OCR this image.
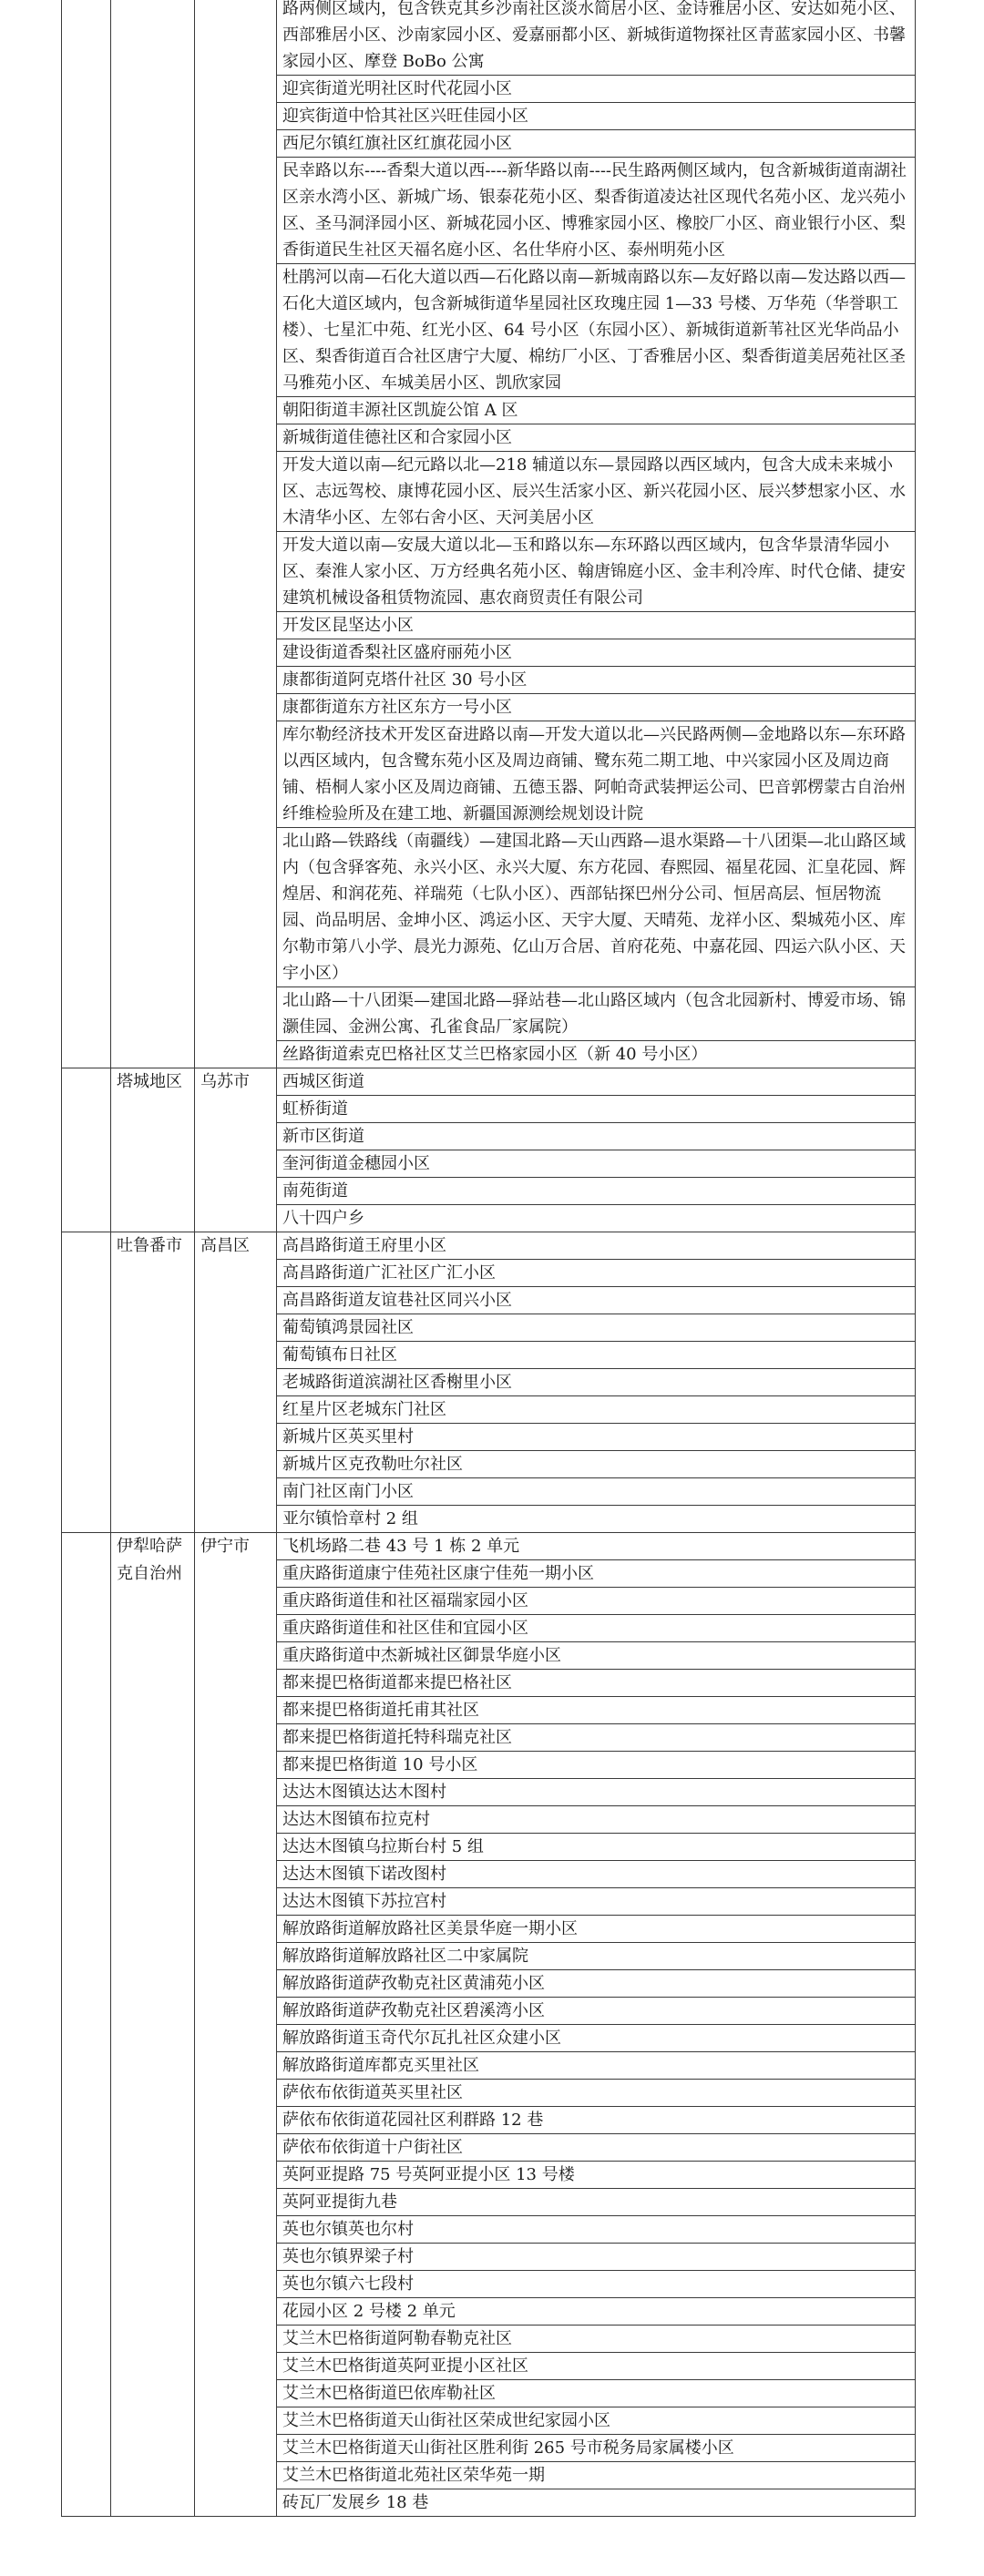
			路两侧区域内，包含铁克其乡沙南社区淡水简居小区、金诗雅居小区、安达如苑小区、西部雅居小区、沙南家园小区、爱嘉丽都小区、新城街道物探社区青蓝家园小区、书馨家园小区、摩登 BoBo 公寓
			迎宾街道光明社区时代花园小区
			迎宾街道中恰其社区兴旺佳园小区
			西尼尔镇红旗社区红旗花园小区
			民幸路以东----香梨大道以西----新华路以南----民生路两侧区域内，包含新城街道南湖社区亲水湾小区、新城广场、银泰花苑小区、梨香街道凌达社区现代名苑小区、龙兴苑小区、圣马洞泽园小区、新城花园小区、博雅家园小区、橡胶厂小区、商业银行小区、梨香街道民生社区天福名庭小区、名仕华府小区、泰州明苑小区
			杜鹃河以南—石化大道以西—石化路以南—新城南路以东—友好路以南—发达路以西—石化大道区域内，包含新城街道华星园社区玫瑰庄园 1—33 号楼、万华苑（华誉职工楼）、七星汇中苑、红光小区、64 号小区（东园小区）、新城街道新苇社区光华尚品小区、梨香街道百合社区唐宁大厦、棉纺厂小区、丁香雅居小区、梨香街道美居苑社区圣马雅苑小区、车城美居小区、凯欣家园
			朝阳街道丰源社区凯旋公馆 A 区
			新城街道佳德社区和合家园小区
			开发大道以南—纪元路以北—218 辅道以东—景园路以西区域内，包含大成未来城小区、志远驾校、康博花园小区、辰兴生活家小区、新兴花园小区、辰兴梦想家小区、水木清华小区、左邻右舍小区、天河美居小区
			开发大道以南—安晟大道以北—玉和路以东—东环路以西区域内，包含华景清华园小区、秦淮人家小区、万方经典名苑小区、翰唐锦庭小区、金丰利冷库、时代仓储、捷安建筑机械设备租赁物流园、惠农商贸责任有限公司
			开发区昆坚达小区
			建设街道香梨社区盛府丽苑小区
			康都街道阿克塔什社区 30 号小区
			康都街道东方社区东方一号小区
			库尔勒经济技术开发区奋进路以南—开发大道以北—兴民路两侧—金地路以东—东环路以西区域内，包含鹭东苑小区及周边商铺、鹭东苑二期工地、中兴家园小区及周边商铺、梧桐人家小区及周边商铺、五德玉器、阿帕奇武装押运公司、巴音郭楞蒙古自治州纤维检验所及在建工地、新疆国源测绘规划设计院
			北山路—铁路线（南疆线）—建国北路—天山西路—退水渠路—十八团渠—北山路区域内（包含驿客苑、永兴小区、永兴大厦、东方花园、春熙园、福星花园、汇皇花园、辉煌居、和润花苑、祥瑞苑（七队小区）、西部钻探巴州分公司、恒居高层、恒居物流园、尚品明居、金坤小区、鸿运小区、天宇大厦、天晴苑、龙祥小区、梨城苑小区、库尔勒市第八小学、晨光力源苑、亿山万合居、首府花苑、中嘉花园、四运六队小区、天宇小区）
			北山路—十八团渠—建国北路—驿站巷—北山路区域内（包含北园新村、博爱市场、锦灏佳园、金洲公寓、孔雀食品厂家属院）
			丝路街道索克巴格社区艾兰巴格家园小区（新 40 号小区）
	塔城地区	乌苏市	西城区街道
			虹桥街道
			新市区街道
			奎河街道金穗园小区
			南苑街道
			八十四户乡
	吐鲁番市	高昌区	高昌路街道王府里小区
			高昌路街道广汇社区广汇小区
			高昌路街道友谊巷社区同兴小区
			葡萄镇鸿景园社区
			葡萄镇布日社区
			老城路街道滨湖社区香榭里小区
			红星片区老城东门社区
			新城片区英买里村
			新城片区克孜勒吐尔社区
			南门社区南门小区
			亚尔镇恰章村 2 组
	伊犁哈萨克自治州	伊宁市	飞机场路二巷 43 号 1 栋 2 单元
			重庆路街道康宁佳苑社区康宁佳苑一期小区
			重庆路街道佳和社区福瑞家园小区
			重庆路街道佳和社区佳和宜园小区
			重庆路街道中杰新城社区御景华庭小区
			都来提巴格街道都来提巴格社区
			都来提巴格街道托甫其社区
			都来提巴格街道托特科瑞克社区
			都来提巴格街道 10 号小区
			达达木图镇达达木图村
			达达木图镇布拉克村
			达达木图镇乌拉斯台村 5 组
			达达木图镇下诺改图村
			达达木图镇下苏拉宫村
			解放路街道解放路社区美景华庭一期小区
			解放路街道解放路社区二中家属院
			解放路街道萨孜勒克社区黄浦苑小区
			解放路街道萨孜勒克社区碧溪湾小区
			解放路街道玉奇代尔瓦扎社区众建小区
			解放路街道库都克买里社区
			萨依布依街道英买里社区
			萨依布依街道花园社区利群路 12 巷
			萨依布依街道十户街社区
			英阿亚提路 75 号英阿亚提小区 13 号楼
			英阿亚提街九巷
			英也尔镇英也尔村
			英也尔镇界梁子村
			英也尔镇六七段村
			花园小区 2 号楼 2 单元
			艾兰木巴格街道阿勒春勒克社区
			艾兰木巴格街道英阿亚提小区社区
			艾兰木巴格街道巴依库勒社区
			艾兰木巴格街道天山街社区荣成世纪家园小区
			艾兰木巴格街道天山街社区胜利街 265 号市税务局家属楼小区
			艾兰木巴格街道北苑社区荣华苑一期
			砖瓦厂发展乡 18 巷
